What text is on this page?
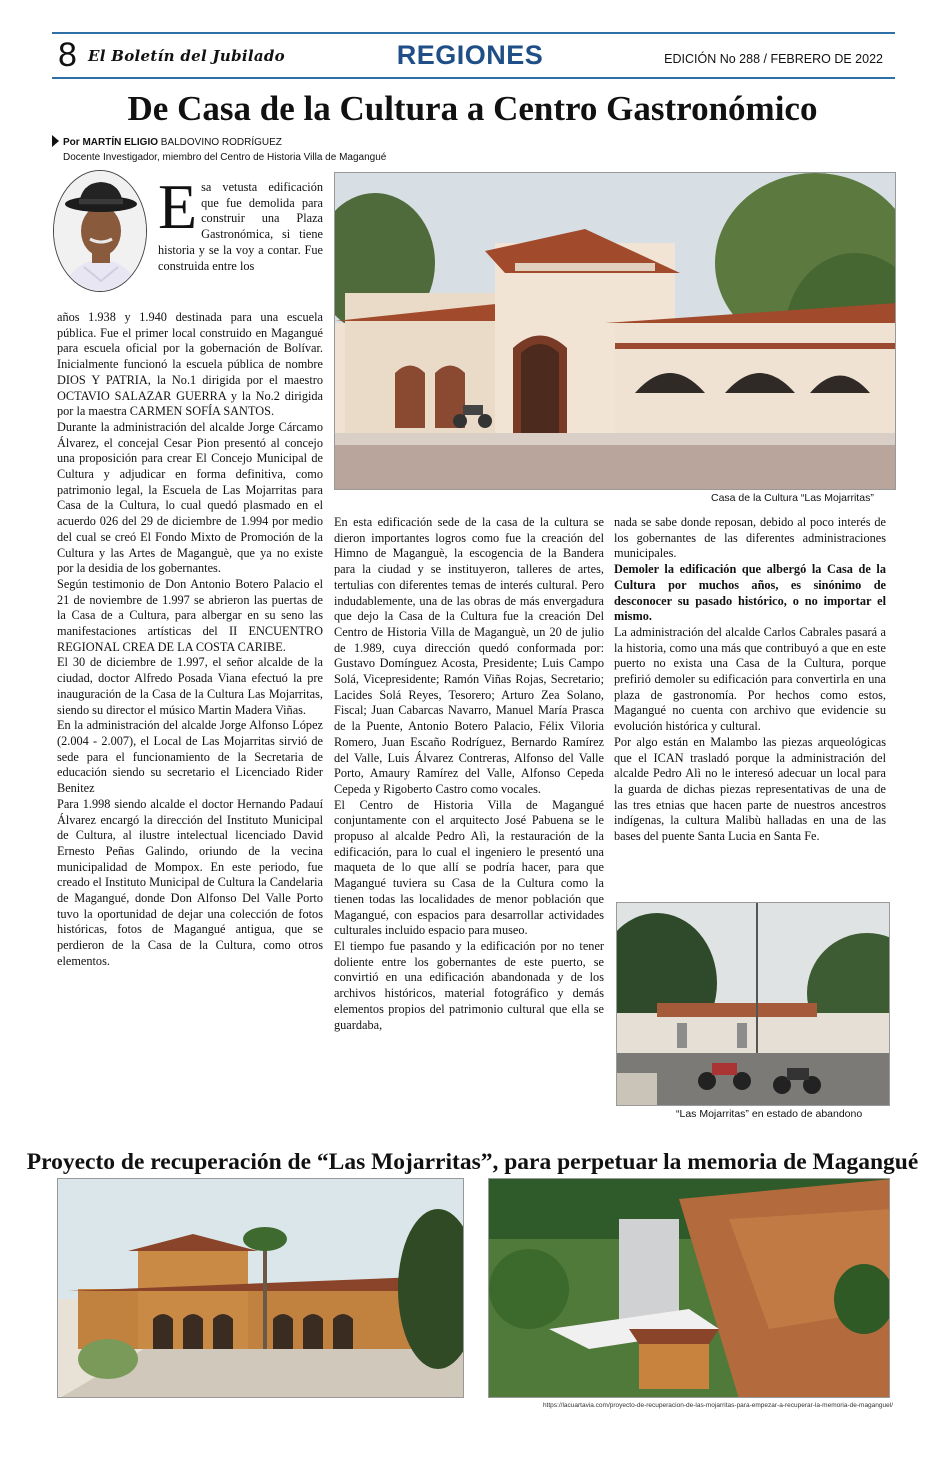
8 El Boletín del Jubilado	REGIONES	EDICIÓN No 288 / FEBRERO DE 2022
De Casa de la Cultura a Centro Gastronómico
Por MARTÍN ELIGIO BALDOVINO RODRÍGUEZ
Docente Investigador, miembro del Centro de Historia Villa de Magangué
Esa vetusta edificación que fue demolida para construir una Plaza Gastronómica, si tiene historia y se la voy a contar. Fue construida entre los

años 1.938 y 1.940 destinada para una escuela pública. Fue el primer local construido en Magangué para escuela oficial por la gobernación de Bolívar. Inicialmente funcionó la escuela pública de nombre DIOS Y PATRIA, la No.1 dirigida por el maestro OCTAVIO SALAZAR GUERRA y la No.2 dirigida por la maestra CARMEN SOFÍA SANTOS.

Durante la administración del alcalde Jorge Cárcamo Álvarez, el concejal Cesar Pion presentó al concejo una proposición para crear El Concejo Municipal de Cultura y adjudicar en forma definitiva, como patrimonio legal, la Escuela de Las Mojarritas para Casa de la Cultura, lo cual quedó plasmado en el acuerdo 026 del 29 de diciembre de 1.994 por medio del cual se creó El Fondo Mixto de Promoción de la Cultura y las Artes de Maganguè, que ya no existe por la desidia de los gobernantes.

Según testimonio de Don Antonio Botero Palacio el 21 de noviembre de 1.997 se abrieron las puertas de la Casa de a Cultura, para albergar en su seno las manifestaciones artísticas del II ENCUENTRO REGIONAL CREA DE LA COSTA CARIBE.

El 30 de diciembre de 1.997, el señor alcalde de la ciudad, doctor Alfredo Posada Viana efectuó la pre inauguración de la Casa de la Cultura Las Mojarritas, siendo su director el músico Martin Madera Viñas.

En la administración del alcalde Jorge Alfonso López (2.004 - 2.007), el Local de Las Mojarritas sirvió de sede para el funcionamiento de la Secretaria de educación siendo su secretario el Licenciado Rider Benitez

Para 1.998 siendo alcalde el doctor Hernando Padauí Álvarez encargó la dirección del Instituto Municipal de Cultura, al ilustre intelectual licenciado David Ernesto Peñas Galindo, oriundo de la vecina municipalidad de Mompox. En este periodo, fue creado el Instituto Municipal de Cultura la Candelaria de Magangué, donde Don Alfonso Del Valle Porto tuvo la oportunidad de dejar una colección de fotos históricas, fotos de Magangué antigua, que se perdieron de la Casa de la Cultura, como otros elementos.

Casa de la Cultura “Las Mojarritas”

En esta edificación sede de la casa de la cultura se dieron importantes logros como fue la creación del Himno de Maganguè, la escogencia de la Bandera para la ciudad y se instituyeron, talleres de artes, tertulias con diferentes temas de interés cultural. Pero indudablemente, una de las obras de más envergadura que dejo la Casa de la Cultura fue la creación Del Centro de Historia Villa de Maganguè, un 20 de julio de 1.989, cuya dirección quedó conformada por: Gustavo Domínguez Acosta, Presidente; Luis Campo Solá, Vicepresidente; Ramón Viñas Rojas, Secretario; Lacides Solá Reyes, Tesorero; Arturo Zea Solano, Fiscal; Juan Cabarcas Navarro, Manuel María Prasca de la Puente, Antonio Botero Palacio, Félix Viloria Romero, Juan Escaño Rodríguez, Bernardo Ramírez del Valle, Luis Álvarez Contreras, Alfonso del Valle Porto, Amaury Ramírez del Valle, Alfonso Cepeda Cepeda y Rigoberto Castro como vocales.

El Centro de Historia Villa de Magangué conjuntamente con el arquitecto José Pabuena se le propuso al alcalde Pedro Alì, la restauración de la edificación, para lo cual el ingeniero le presentó una maqueta de lo que allí se podría hacer, para que Magangué tuviera su Casa de la Cultura como la tienen todas las localidades de menor población que Magangué, con espacios para desarrollar actividades culturales incluido espacio para museo.

El tiempo fue pasando y la edificación por no tener doliente entre los gobernantes de este puerto, se convirtió en una edificación abandonada y de los archivos históricos, material fotográfico y demás elementos propios del patrimonio cultural que ella se guardaba,

nada se sabe donde reposan, debido al poco interés de los gobernantes de las diferentes administraciones municipales.

Demoler la edificación que albergó la Casa de la Cultura por muchos años, es sinónimo de desconocer su pasado histórico, o no importar el mismo.

La administración del alcalde Carlos Cabrales pasará a la historia, como una más que contribuyó a que en este puerto no exista una Casa de la Cultura, porque prefirió demoler su edificación para convertirla en una plaza de gastronomía. Por hechos como estos, Magangué no cuenta con archivo que evidencie su evolución histórica y cultural.

Por algo están en Malambo las piezas arqueológicas que el ICAN trasladó porque la administración del alcalde Pedro Alì no le interesó adecuar un local para la guarda de dichas piezas representativas de una de las tres etnias que hacen parte de nuestros ancestros indígenas, la cultura Malibù halladas en una de las bases del puente Santa Lucia en Santa Fe.

“Las Mojarritas” en estado de abandono
Proyecto de recuperación de “Las Mojarritas”, para perpetuar la memoria de Magangué
https://lacuartavia.com/proyecto-de-recuperacion-de-las-mojarritas-para-empezar-a-recuperar-la-memoria-de-maganguel/
